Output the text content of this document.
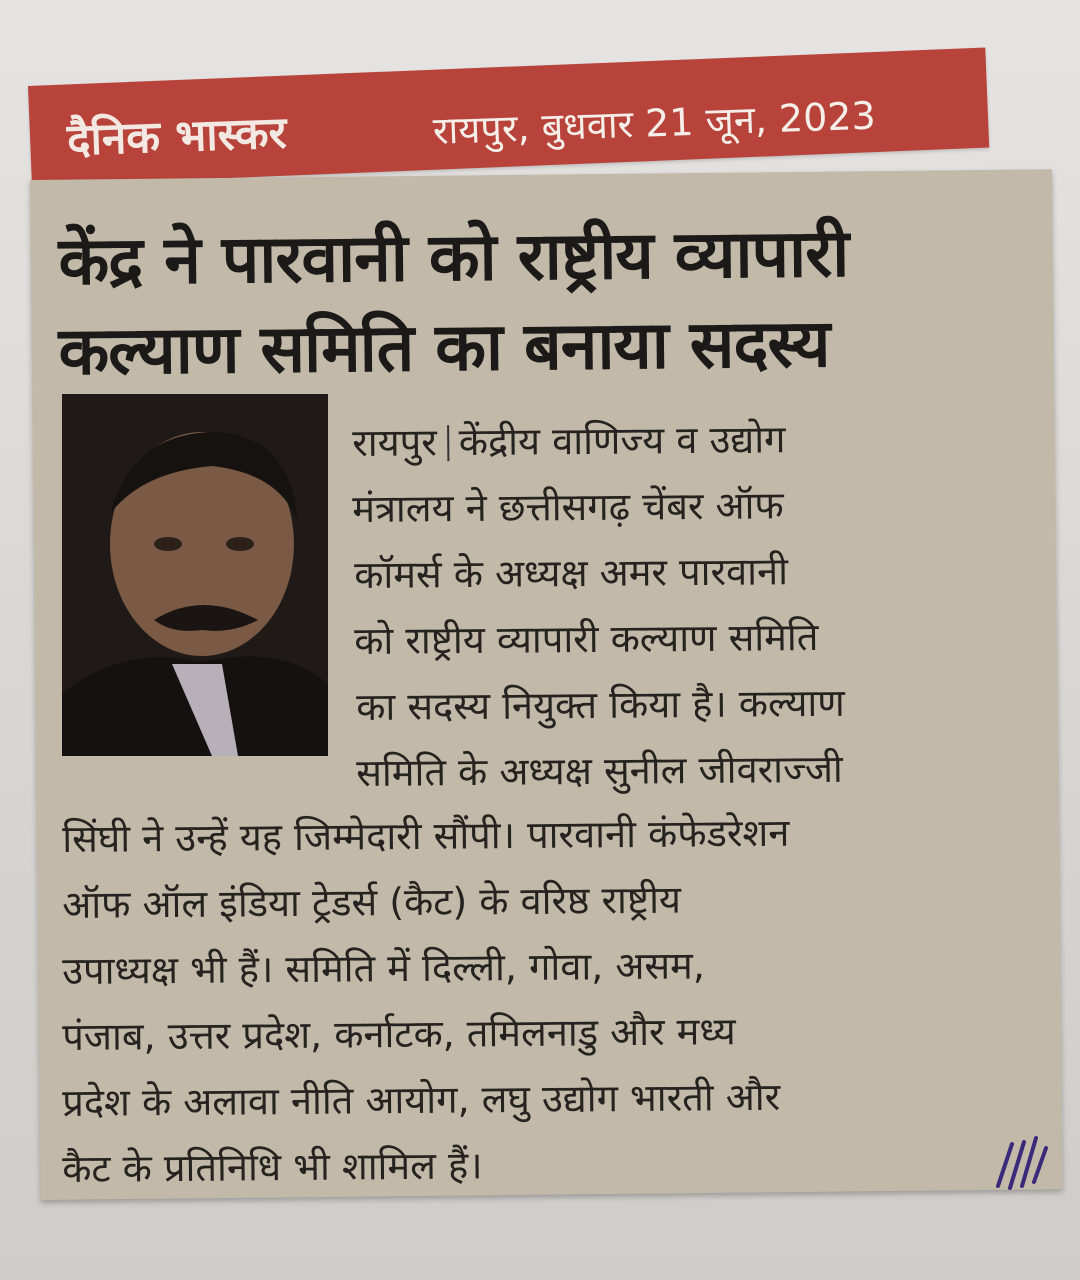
दैनिक भास्कर	रायपुर, बुधवार 21 जून, 2023
केंद्र ने पारवानी को राष्ट्रीय व्यापारी
कल्याण समिति का बनाया सदस्य
रायपुर केंद्रीय वाणिज्य व उद्योग
मंत्रालय ने छत्तीसगढ़ चेंबर ऑफ
कॉमर्स के अध्यक्ष अमर पारवानी
को राष्ट्रीय व्यापारी कल्याण समिति
का सदस्य नियुक्त किया है। कल्याण
समिति के अध्यक्ष सुनील जीवराज्जी
सिंघी ने उन्हें यह जिम्मेदारी सौंपी। पारवानी कंफेडरेशन
ऑफ ऑल इंडिया ट्रेडर्स (कैट) के वरिष्ठ राष्ट्रीय
उपाध्यक्ष भी हैं। समिति में दिल्ली, गोवा, असम,
पंजाब, उत्तर प्रदेश, कर्नाटक, तमिलनाडु और मध्य
प्रदेश के अलावा नीति आयोग, लघु उद्योग भारती और
कैट के प्रतिनिधि भी शामिल हैं।
